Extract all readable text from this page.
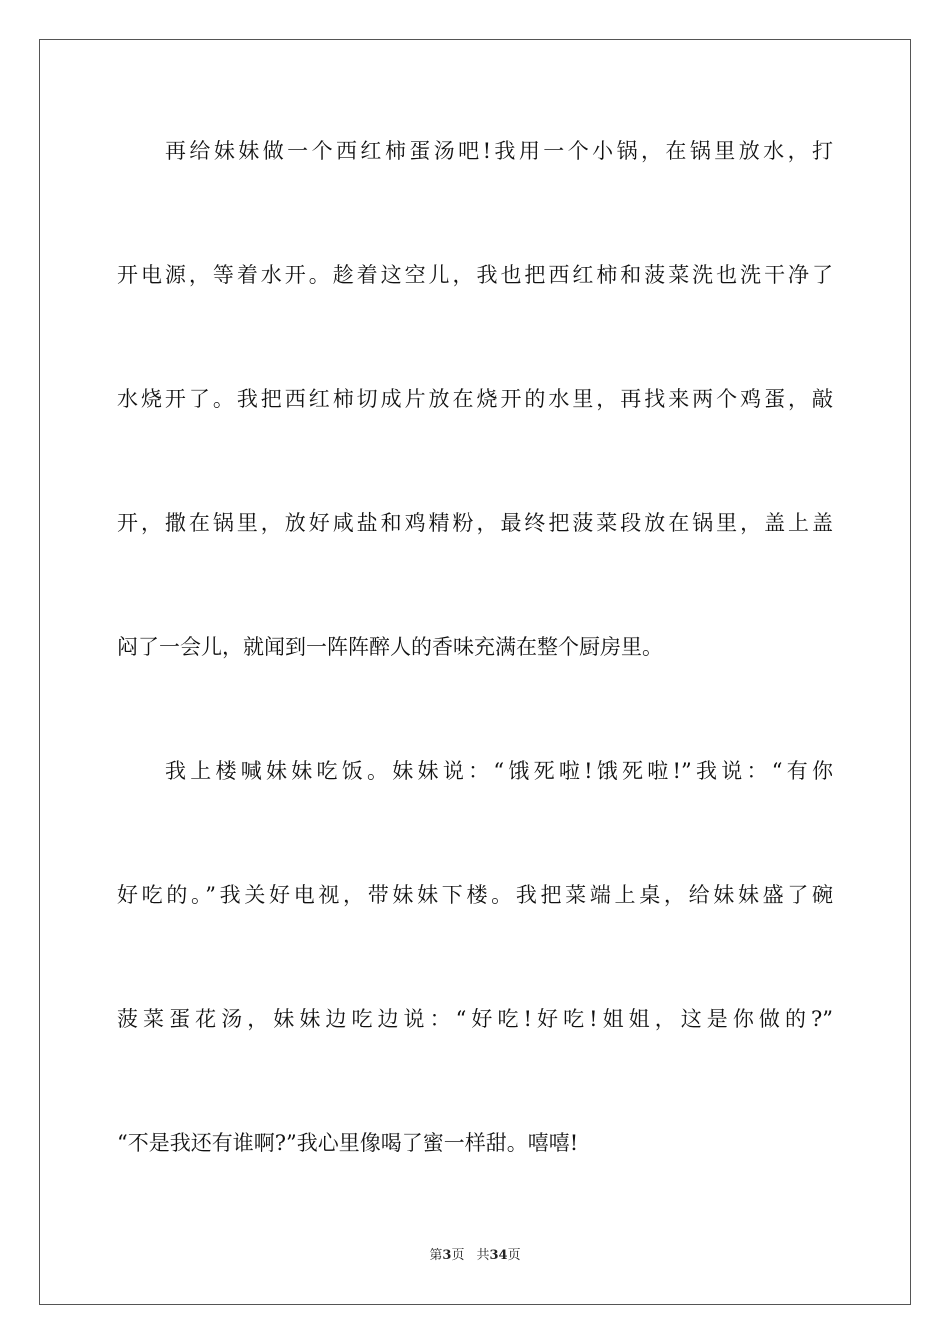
再给妹妹做一个西红柿蛋汤吧!我用一个小锅，在锅里放水，打
开电源，等着水开。趁着这空儿，我也把西红柿和菠菜洗也洗干净了
水烧开了。我把西红柿切成片放在烧开的水里，再找来两个鸡蛋，敲
开，撒在锅里，放好咸盐和鸡精粉，最终把菠菜段放在锅里，盖上盖
闷了一会儿，就闻到一阵阵醉人的香味充满在整个厨房里。
我上楼喊妹妹吃饭。妹妹说：“饿死啦!饿死啦!”我说：“有你
好吃的。”我关好电视，带妹妹下楼。我把菜端上桌，给妹妹盛了碗
菠菜蛋花汤，妹妹边吃边说：“好吃!好吃!姐姐，这是你做的?”
“不是我还有谁啊?”我心里像喝了蜜一样甜。嘻嘻!
第3页 共34页
